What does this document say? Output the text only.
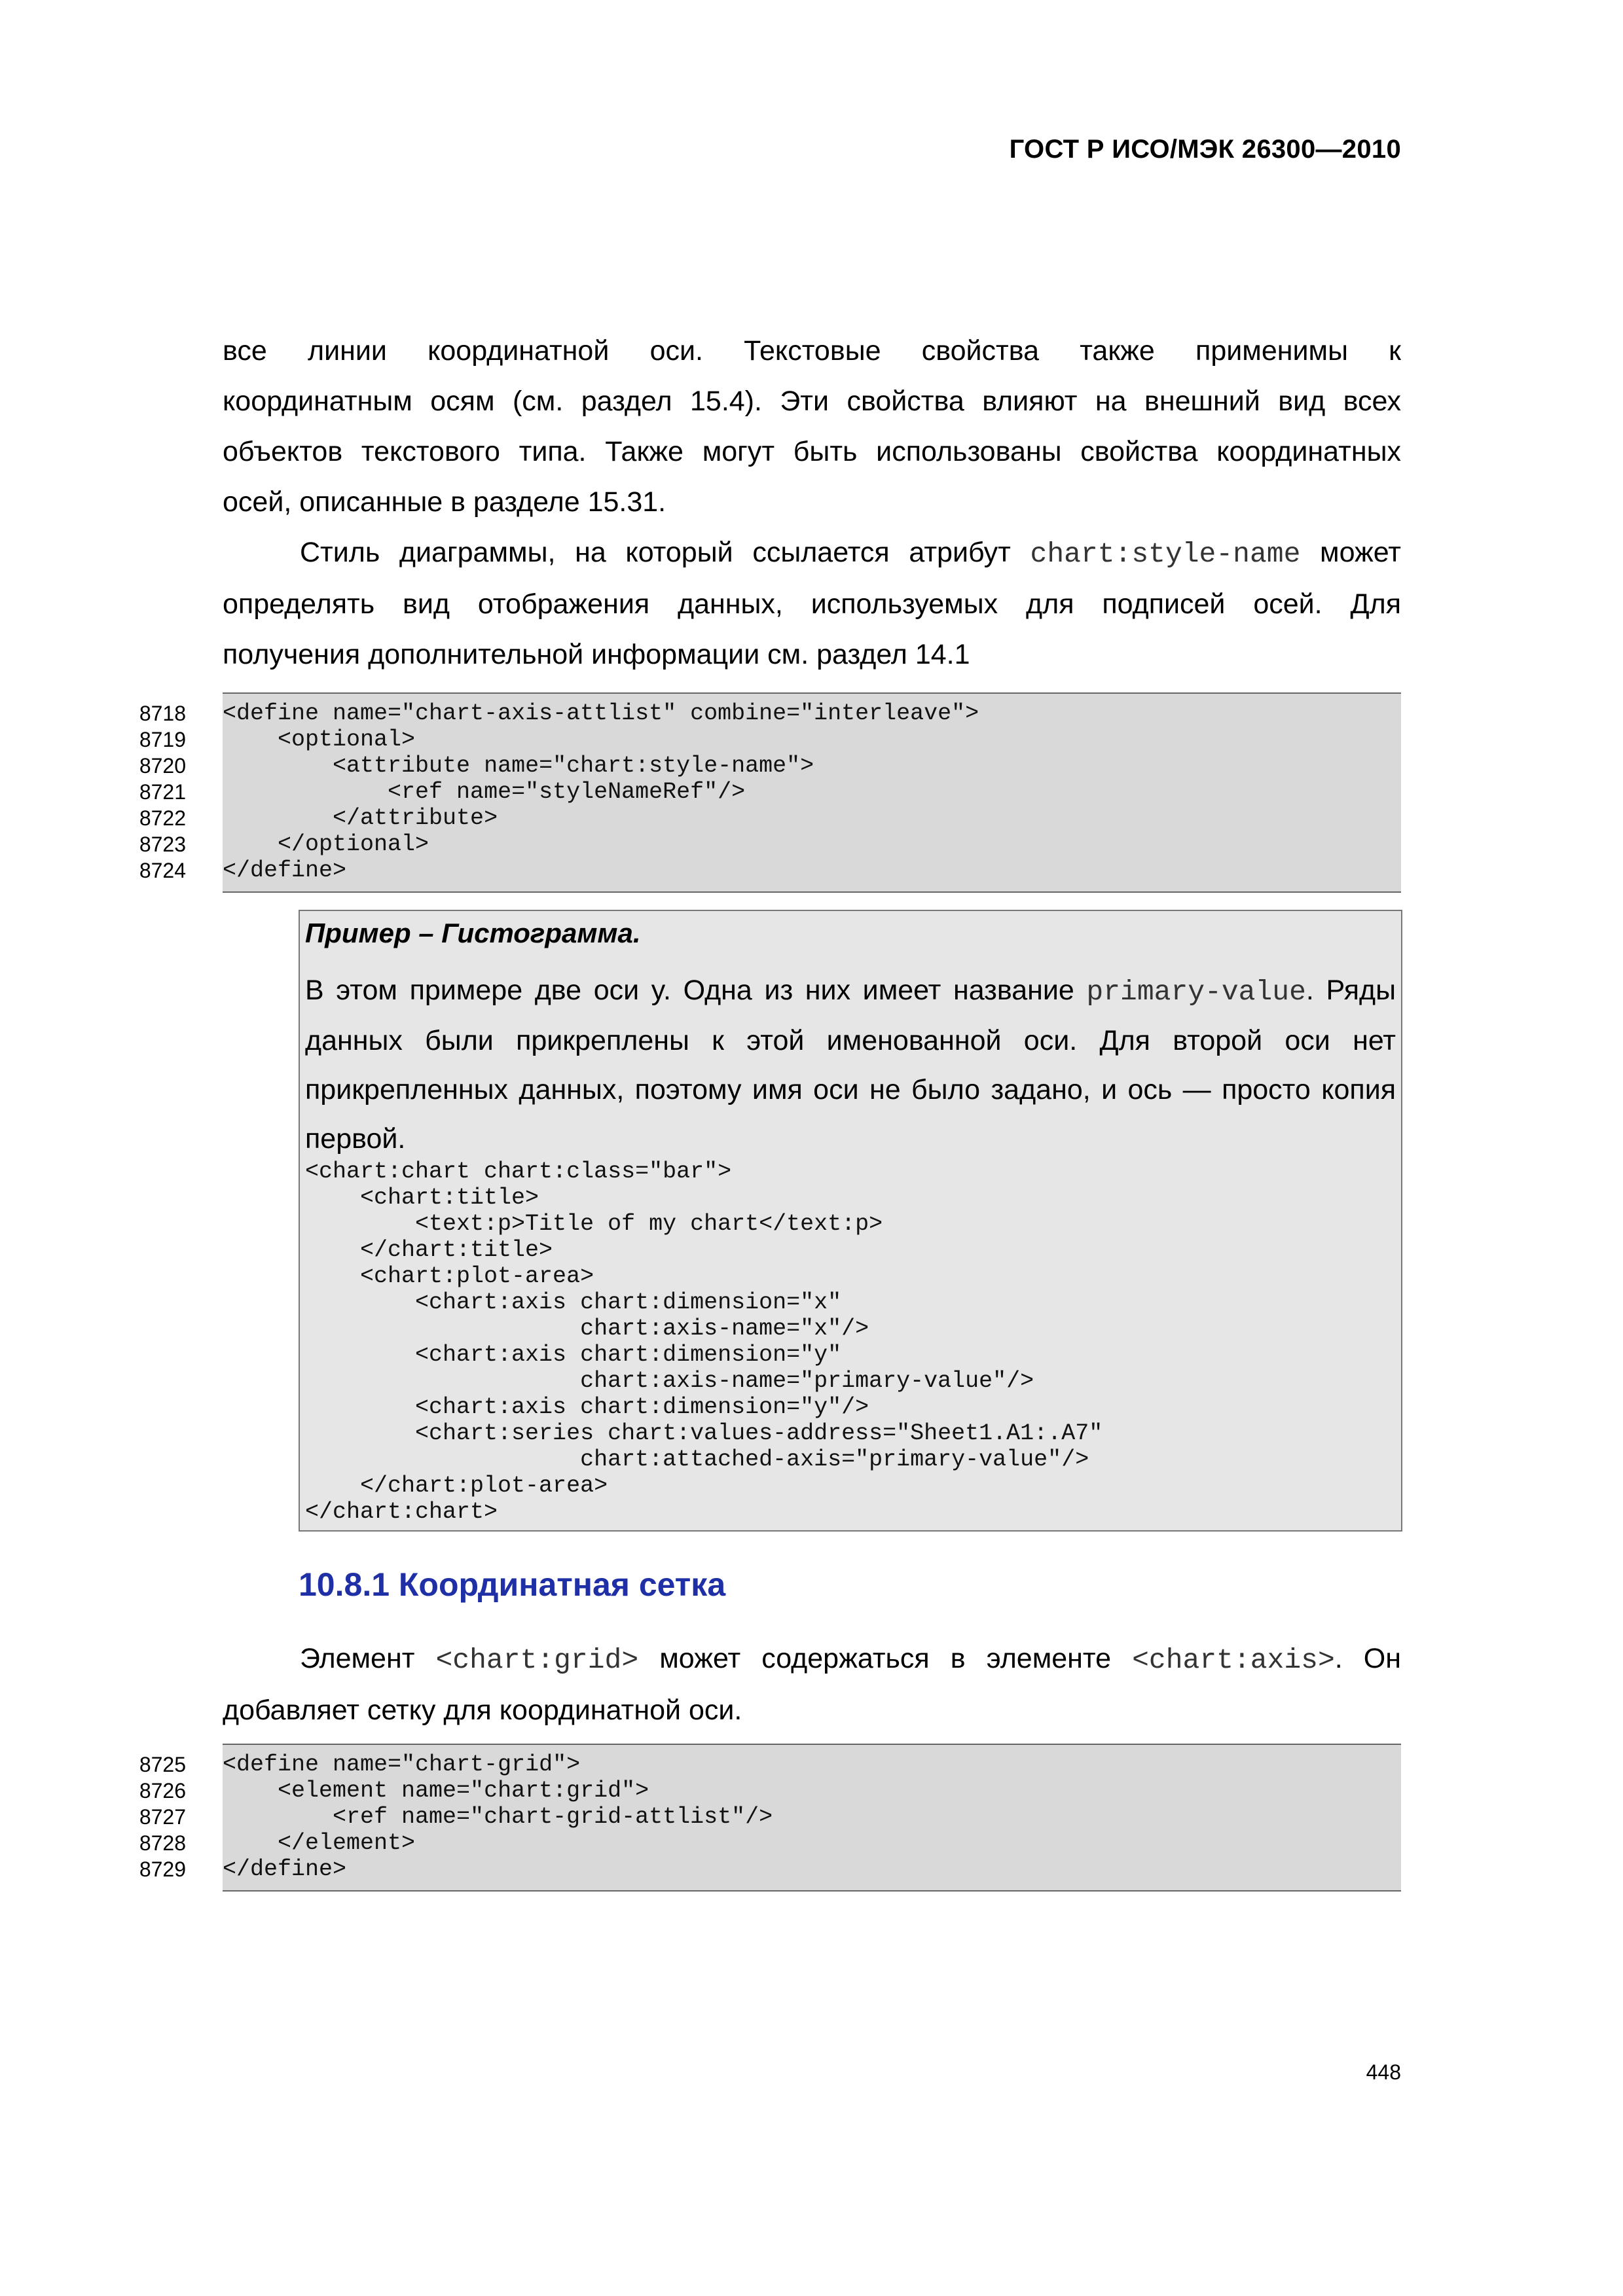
ГОСТ Р ИСО/МЭК 26300—2010
все линии координатной оси. Текстовые свойства также применимы к
координатным осям (см. раздел 15.4). Эти свойства влияют на внешний вид всех
объектов текстового типа. Также могут быть использованы свойства координатных
осей, описанные в разделе 15.31.
Стиль диаграммы, на который ссылается атрибут chart:style-name может
определять вид отображения данных, используемых для подписей осей. Для
получения дополнительной информации см. раздел 14.1
8718
8719
8720
8721
8722
8723
8724
<define name="chart-axis-attlist" combine="interleave">
<optional>
<attribute name="chart:style-name">
<ref name="styleNameRef"/>
</attribute>
</optional>
</define>
Пример – Гистограмма.
В этом примере две оси y. Одна из них имеет название primary-value. Ряды
данных были прикреплены к этой именованной оси. Для второй оси нет
прикрепленных данных, поэтому имя оси не было задано, и ось — просто копия
первой.
<chart:chart chart:class="bar">
<chart:title>
<text:p>Title of my chart</text:p>
</chart:title>
<chart:plot-area>
<chart:axis chart:dimension="x"
chart:axis-name="x"/>
<chart:axis chart:dimension="y"
chart:axis-name="primary-value"/>
<chart:axis chart:dimension="y"/>
<chart:series chart:values-address="Sheet1.A1:.A7"
chart:attached-axis="primary-value"/>
</chart:plot-area>
</chart:chart>
10.8.1 Координатная сетка
Элемент <chart:grid> может содержаться в элементе <chart:axis>. Он
добавляет сетку для координатной оси.
8725
8726
8727
8728
8729
<define name="chart-grid">
<element name="chart:grid">
<ref name="chart-grid-attlist"/>
</element>
</define>
448
